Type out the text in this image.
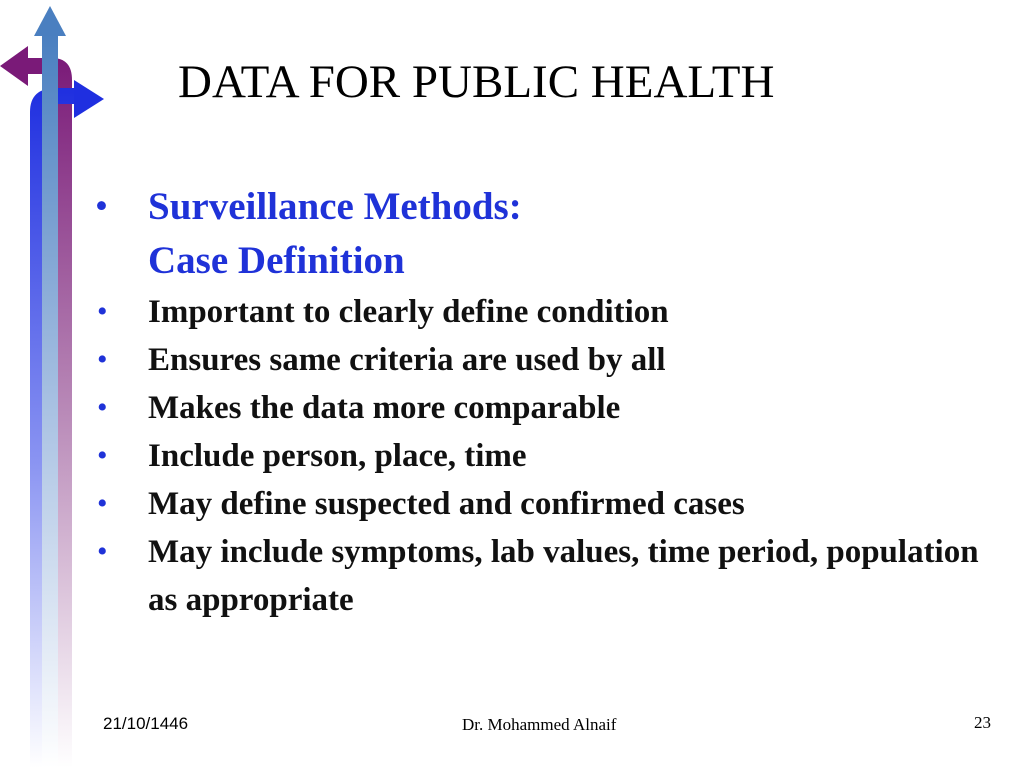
DATA FOR PUBLIC HEALTH
• Surveillance Methods:
Case Definition
• Important to clearly define condition
• Ensures same criteria are used by all
• Makes the data more comparable
• Include person, place, time
• May define suspected and confirmed cases
• May include symptoms, lab values, time period, population as appropriate
21/10/1446	Dr. Mohammed Alnaif	23
